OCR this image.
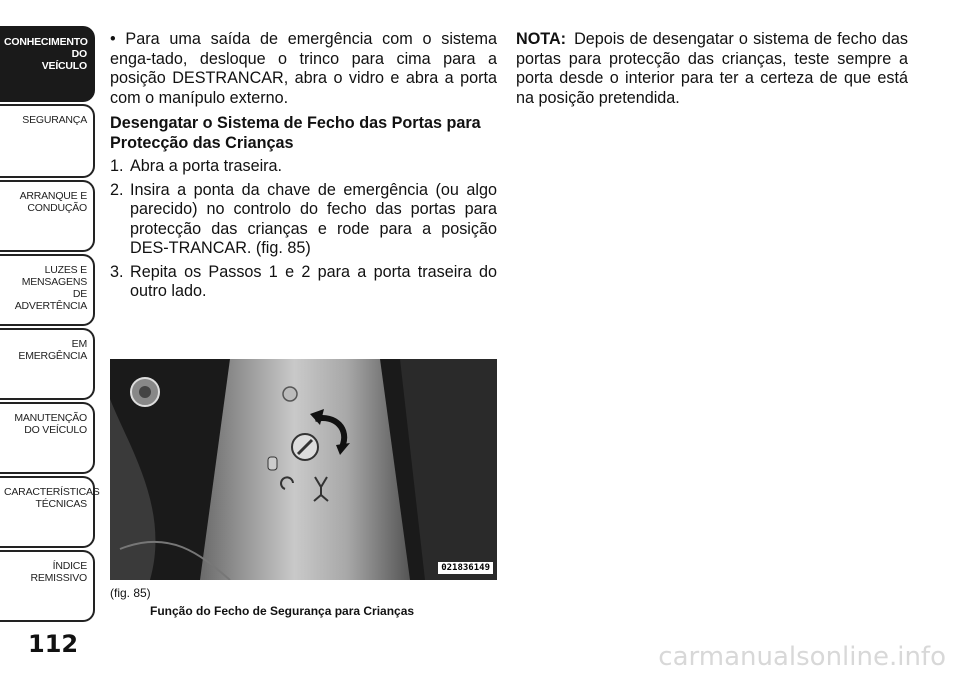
CONHECIMENTO
DO
VEÍCULO
SEGURANÇA
ARRANQUE E
CONDUÇÃO
LUZES E
MENSAGENS
DE
ADVERTÊNCIA
EM
EMERGÊNCIA
MANUTENÇÃO
DO VEÍCULO
CARACTERÍSTICAS
TÉCNICAS
ÍNDICE
REMISSIVO
112

• Para uma saída de emergência com o sistema enga-tado, desloque o trinco para cima para a posição DESTRANCAR, abra o vidro e abra a porta com o manípulo externo.

Desengatar o Sistema de Fecho das Portas para Protecção das Crianças

1. Abra a porta traseira.
2. Insira a ponta da chave de emergência (ou algo parecido) no controlo do fecho das portas para protecção das crianças e rode para a posição DES-TRANCAR. (fig. 85)
3. Repita os Passos 1 e 2 para a porta traseira do outro lado.

NOTA: Depois de desengatar o sistema de fecho das portas para protecção das crianças, teste sempre a porta desde o interior para ter a certeza de que está na posição pretendida.

021836149
(fig. 85)
Função do Fecho de Segurança para Crianças
carmanualsonline.info
